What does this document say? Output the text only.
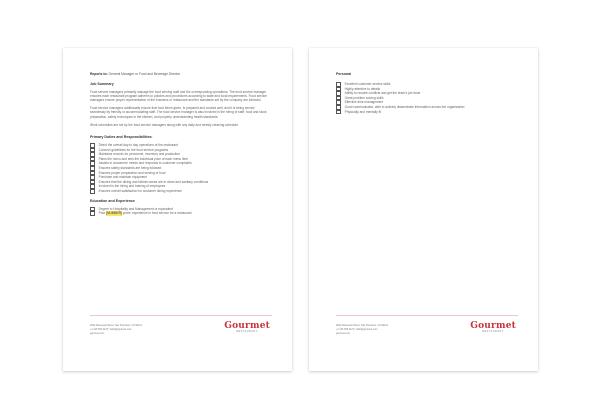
Reports to: General Manager or Food and Beverage Director
Job Summary
Food service managers primarily manage the food serving staff and the corresponding operations. The food service manager ensures each restaurant program adheres to policies and procedures according to state and local requirements. Food service managers ensure proper representation of the business or restaurant and the standards set by the company are followed.
Food service managers additionally ensure that food items given, is prepared and cooked well, and it is being served seamlessly by friendly or accommodating staff. The food service manager is also involved in the hiring of staff, food and stock preparation, safety techniques in the kitchen, and properly understanding health standards.
Work schedules are set by the food service managers along with any daily and weekly cleaning schedule.
Primary Duties and Responsibilities:
Direct the overall day to day operations of the restaurant
Connect guidelines for the food service programs
Maintains records for personnel, inventory and production
Plans the menu and sets the individual price of each menu item
Assists in customers' needs and responds to customer complaints
Ensures safety standards are being followed
Ensures proper preparation and serving of food
Purchase and maintain equipment
Ensures that the dining and kitchen areas are in clean and sanitary conditions
Involved in the hiring and training of employees
Ensures overall satisfaction for customer dining experience
Education and Experience
Degree in Hospitality and Management or equivalent
Prior
[NUMBER]
years' experience in food service for a restaurant
4812 Roosevelt Street, San Francisco, CA 94114
+1 415 356 2127 | hello@gourmet.com
gourmet.com
Gourmet
RESTAURANT
Personal
Excellent customer service skills
Highly attentive to details
Ability to resolve conflicts and get the team's job done
Great problem solving skills
Effective time management
Good communicator, able to actively disseminate information across the organization
Physically and mentally fit
4812 Roosevelt Street, San Francisco, CA 94114
+1 415 356 2127 | hello@gourmet.com
gourmet.com
Gourmet
RESTAURANT
